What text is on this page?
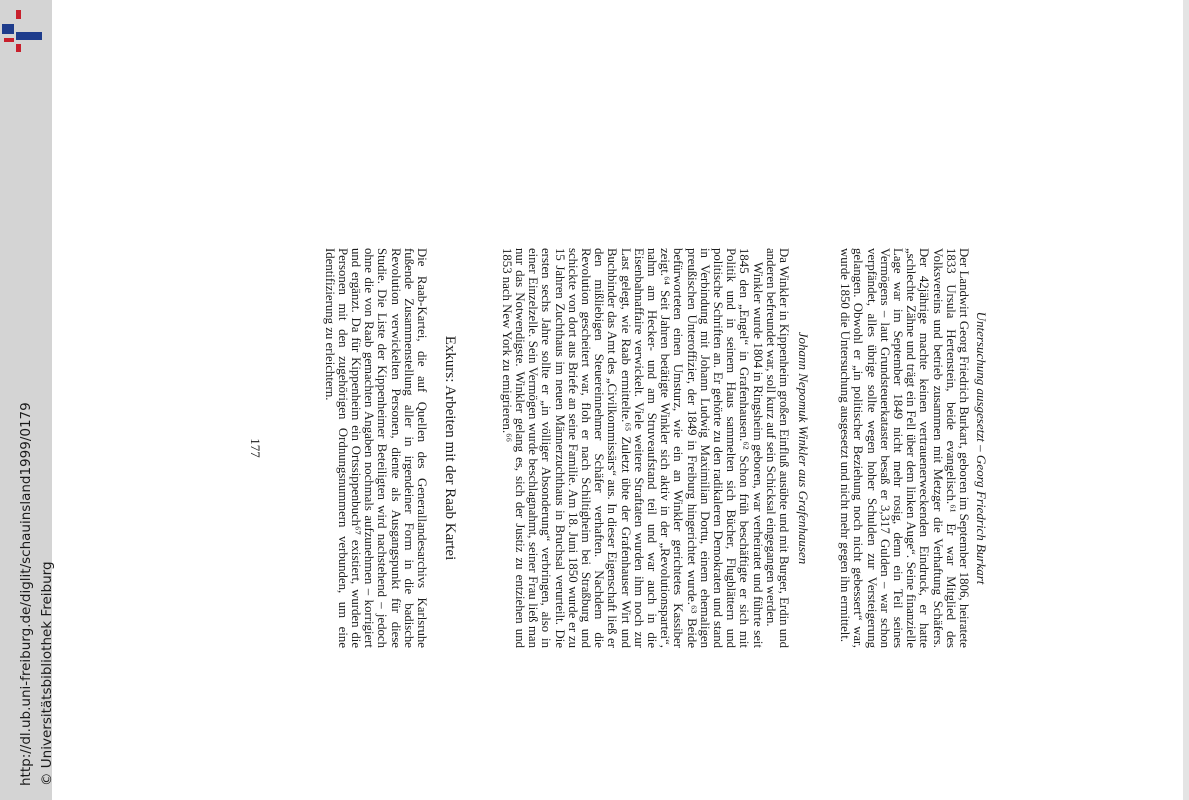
http://dl.ub.uni-freiburg.de/diglit/schauinsland1999/0179 © Universitätsbibliothek Freiburg
Untersuchung ausgesetzt – Georg Friedrich Burkart

Der Landwirt Georg Friedrich Burkart, geboren im September 1806, heiratete 1833 Ursula Hertenstein, beide evangelisch.⁶¹ Er war Mitglied des Volksvereins und betrieb zusammen mit Metzger die Verhaftung Schäfers. Der 42jährige machte keinen vertrauenerweckenden Eindruck, er hatte „schlechte Zähne und trägt ein Fell über dem linken Auge“. Seine finanzielle Lage war im September 1849 nicht mehr rosig, denn ein Teil seines Vermögens – laut Grundsteuerkataster besaß er 3,317 Gulden – war schon verpfändet, alles übrige sollte wegen hoher Schulden zur Versteigerung gelangen. Obwohl er „in politischer Beziehung noch nicht gebessert“ war, wurde 1850 die Untersuchung ausgesetzt und nicht mehr gegen ihn ermittelt.

Johann Nepomuk Winkler aus Grafenhausen

Da Winkler in Kippenheim großen Einfluß ausübte und mit Burger, Erdin und anderen befreundet war, soll kurz auf sein Schicksal eingegangen werden.

Winkler wurde 1804 in Ringsheim geboren, war verheiratet und führte seit 1845 den „Engel“ in Grafenhausen.⁶² Schon früh beschäftigte er sich mit Politik und in seinem Haus sammelten sich Bücher, Flugblättern und politische Schriften an. Er gehörte zu den radikaleren Demokraten und stand in Verbindung mit Johann Ludwig Maximilian Dortu, einem ehemaligen preußischen Unteroffizier, der 1849 in Freiburg hingerichtet wurde.⁶³ Beide befürworteten einen Umsturz, wie ein an Winkler gerichtetes Kassiber zeigt.⁶⁴ Seit Jahren betätigte Winkler sich aktiv in der „Revolutionspartei“, nahm am Hecker- und am Struveaufstand teil und war auch in die Eisenbahnaffaire verwickelt. Viele weitere Straftaten wurden ihm noch zur Last gelegt, wie Raab ermittelte.⁶⁵ Zuletzt übte der Grafenhauser Wirt und Buchbinder das Amt des „Civilkommissärs“ aus. In dieser Eigenschaft ließ er den mißliebigen Steuereinnehmer Schäfer verhaften. Nachdem die Revolution gescheitert war, floh er nach Schiltigheim bei Straßburg und schickte von dort aus Briefe an seine Familie. Am 18. Juni 1850 wurde er zu 15 Jahren Zuchthaus im neuen Männerzuchthaus in Bruchsal verurteilt. Die ersten sechs Jahre sollte er „in völliger Absonderung“ verbringen, also in einer Einzelzelle. Sein Vermögen wurde beschlagnahmt, seiner Frau ließ man nur das Notwendigste. Winkler gelang es, sich der Justiz zu entziehen und 1853 nach New York zu emigrieren.⁶⁶

Exkurs: Arbeiten mit der Raab Kartei

Die Raab-Kartei, die auf Quellen des Generallandesarchivs Karlsruhe fußende Zusammenstellung aller in irgendeiner Form in die badische Revolution verwickelten Personen, diente als Ausgangspunkt für diese Studie. Die Liste der Kippenheimer Beteiligten wird nachstehend – jedoch ohne die von Raab gemachten Angaben nochmals aufzunehmen – korrigiert und ergänzt. Da für Kippenheim ein Ortssippenbuch⁶⁷ existiert, wurden die Personen mit den zugehörigen Ordnungsnummern verbunden, um eine Identifizierung zu erleichtern.

177
